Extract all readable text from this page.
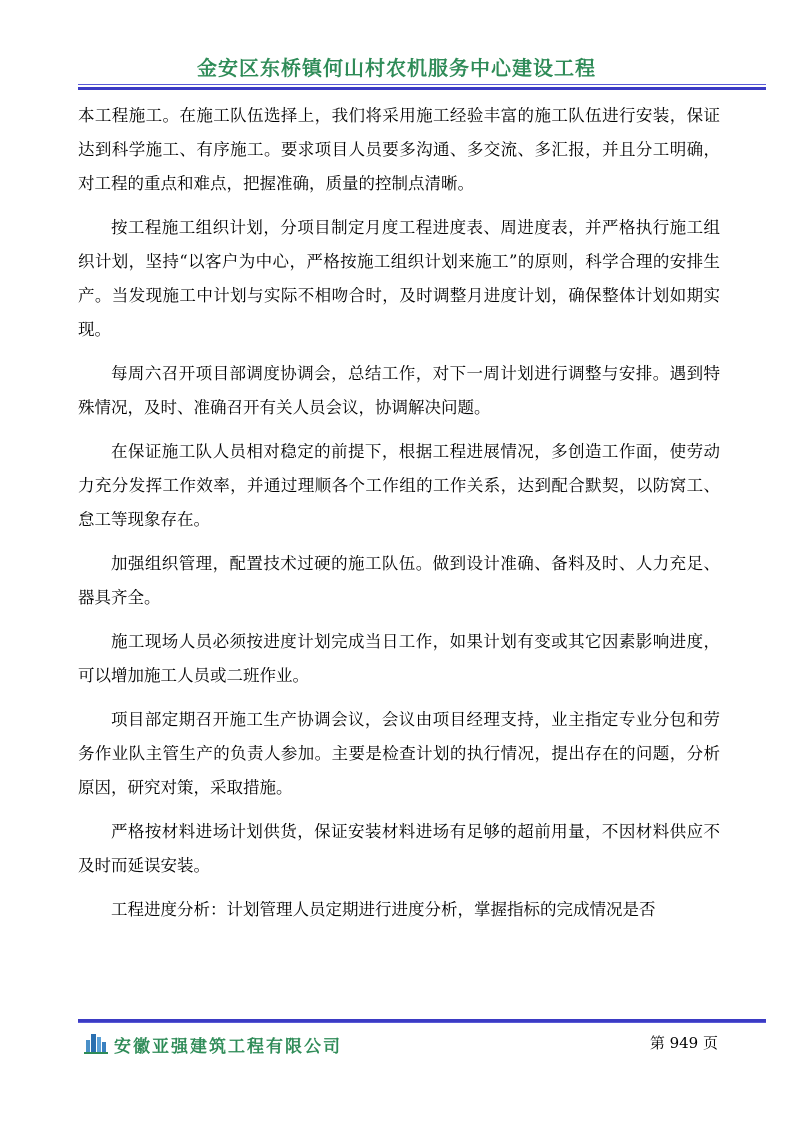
金安区东桥镇何山村农机服务中心建设工程

本工程施工。在施工队伍选择上，我们将采用施工经验丰富的施工队伍进行安装，保证达到科学施工、有序施工。要求项目人员要多沟通、多交流、多汇报，并且分工明确，对工程的重点和难点，把握准确，质量的控制点清晰。

按工程施工组织计划，分项目制定月度工程进度表、周进度表，并严格执行施工组织计划，坚持“以客户为中心，严格按施工组织计划来施工”的原则，科学合理的安排生产。当发现施工中计划与实际不相吻合时，及时调整月进度计划，确保整体计划如期实现。

每周六召开项目部调度协调会，总结工作，对下一周计划进行调整与安排。遇到特殊情况，及时、准确召开有关人员会议，协调解决问题。

在保证施工队人员相对稳定的前提下，根据工程进展情况，多创造工作面，使劳动力充分发挥工作效率，并通过理顺各个工作组的工作关系，达到配合默契，以防窝工、怠工等现象存在。

加强组织管理，配置技术过硬的施工队伍。做到设计准确、备料及时、人力充足、器具齐全。

施工现场人员必须按进度计划完成当日工作，如果计划有变或其它因素影响进度，可以增加施工人员或二班作业。

项目部定期召开施工生产协调会议，会议由项目经理支持，业主指定专业分包和劳务作业队主管生产的负责人参加。主要是检查计划的执行情况，提出存在的问题，分析原因，研究对策，采取措施。

严格按材料进场计划供货，保证安装材料进场有足够的超前用量，不因材料供应不及时而延误安装。

工程进度分析：计划管理人员定期进行进度分析，掌握指标的完成情况是否

安徽亚强建筑工程有限公司	第 949 页
